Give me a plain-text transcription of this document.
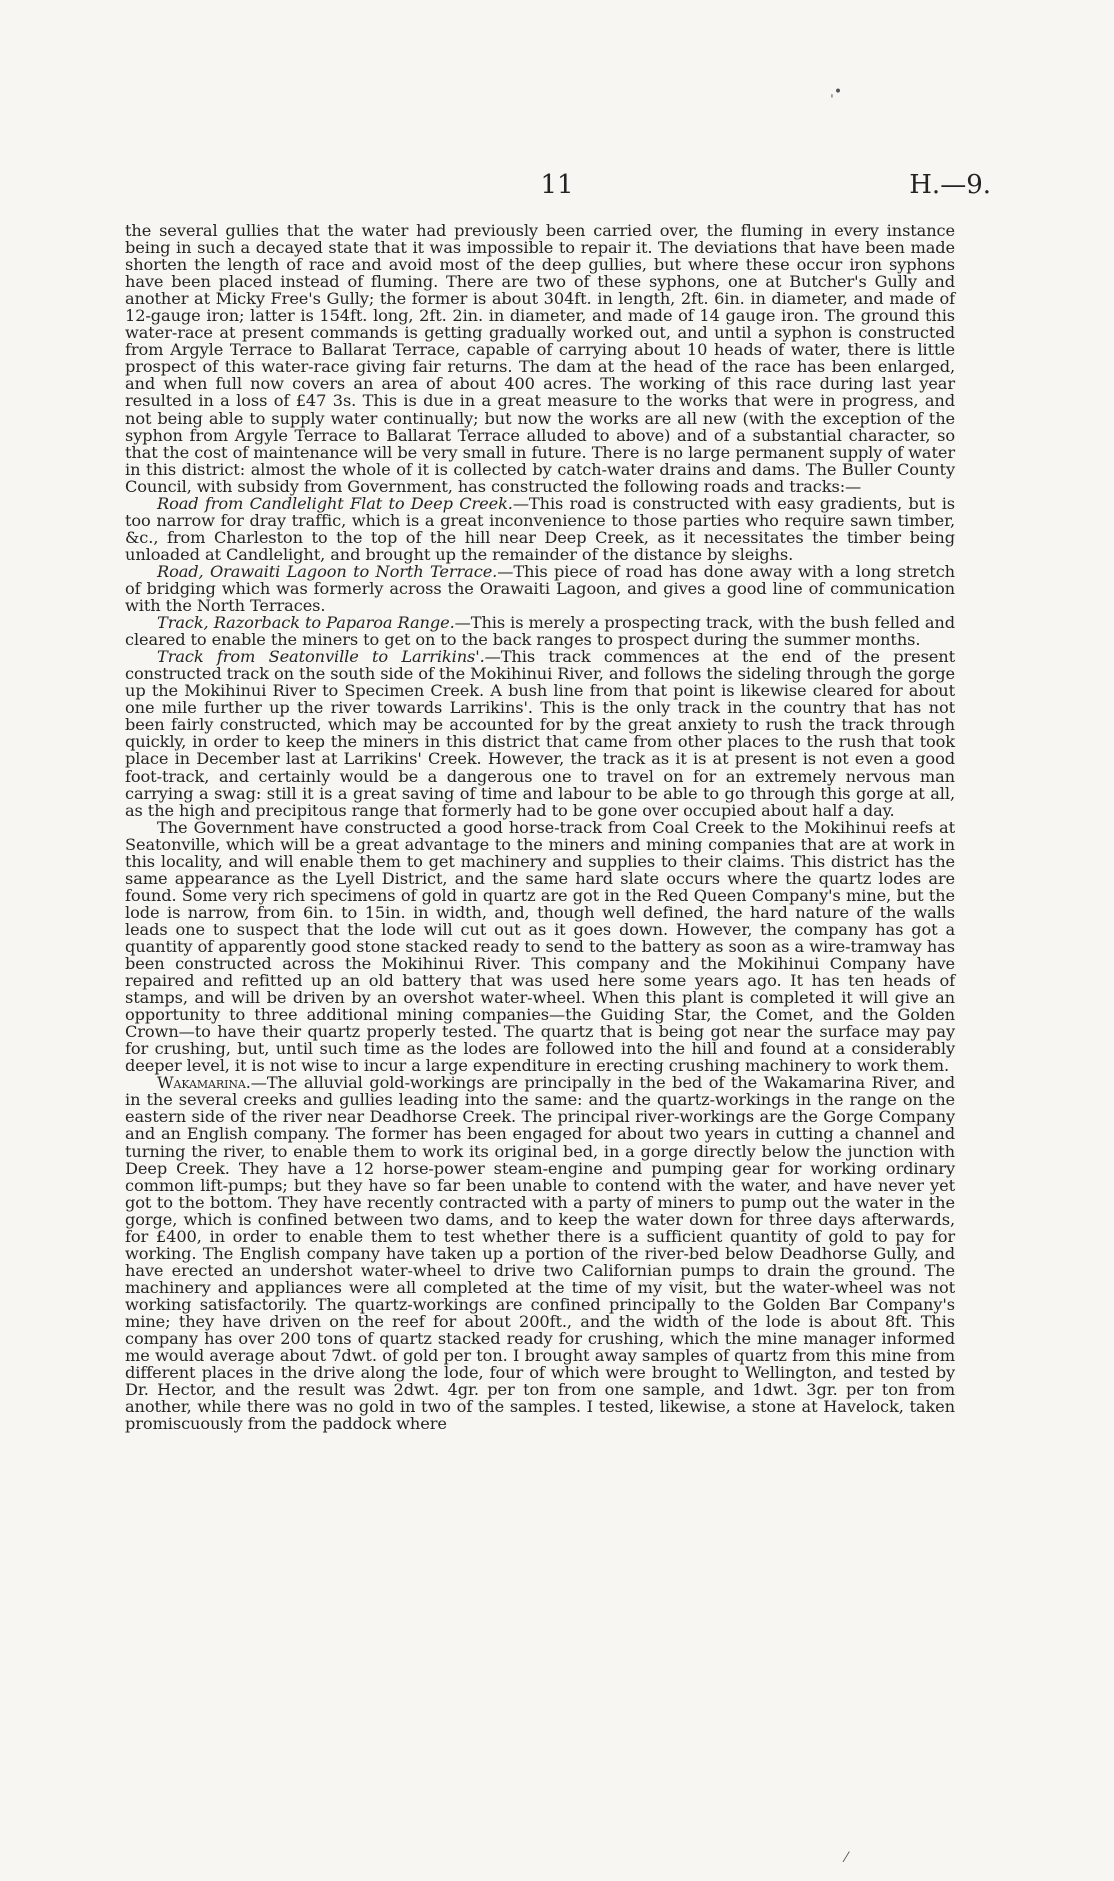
11	H.—9.
ˌ•
⁄

the several gullies that the water had previously been carried over, the fluming in every instance being in such a decayed state that it was impossible to repair it. The deviations that have been made shorten the length of race and avoid most of the deep gullies, but where these occur iron syphons have been placed instead of fluming. There are two of these syphons, one at Butcher's Gully and another at Micky Free's Gully; the former is about 304ft. in length, 2ft. 6in. in diameter, and made of 12-gauge iron; latter is 154ft. long, 2ft. 2in. in diameter, and made of 14 gauge iron. The ground this water-race at present commands is getting gradually worked out, and until a syphon is constructed from Argyle Terrace to Ballarat Terrace, capable of carrying about 10 heads of water, there is little prospect of this water-race giving fair returns. The dam at the head of the race has been enlarged, and when full now covers an area of about 400 acres. The working of this race during last year resulted in a loss of £47 3s. This is due in a great measure to the works that were in progress, and not being able to supply water continually; but now the works are all new (with the exception of the syphon from Argyle Terrace to Ballarat Terrace alluded to above) and of a substantial character, so that the cost of maintenance will be very small in future. There is no large permanent supply of water in this district: almost the whole of it is collected by catch-water drains and dams. The Buller County Council, with subsidy from Government, has constructed the following roads and tracks:—

Road from Candlelight Flat to Deep Creek.—This road is constructed with easy gradients, but is too narrow for dray traffic, which is a great inconvenience to those parties who require sawn timber, &c., from Charleston to the top of the hill near Deep Creek, as it necessitates the timber being unloaded at Candlelight, and brought up the remainder of the distance by sleighs.

Road, Orawaiti Lagoon to North Terrace.—This piece of road has done away with a long stretch of bridging which was formerly across the Orawaiti Lagoon, and gives a good line of communication with the North Terraces.

Track, Razorback to Paparoa Range.—This is merely a prospecting track, with the bush felled and cleared to enable the miners to get on to the back ranges to prospect during the summer months.

Track from Seatonville to Larrikins'.—This track commences at the end of the present constructed track on the south side of the Mokihinui River, and follows the sideling through the gorge up the Mokihinui River to Specimen Creek. A bush line from that point is likewise cleared for about one mile further up the river towards Larrikins'. This is the only track in the country that has not been fairly constructed, which may be accounted for by the great anxiety to rush the track through quickly, in order to keep the miners in this district that came from other places to the rush that took place in December last at Larrikins' Creek. However, the track as it is at present is not even a good foot-track, and certainly would be a dangerous one to travel on for an extremely nervous man carrying a swag: still it is a great saving of time and labour to be able to go through this gorge at all, as the high and precipitous range that formerly had to be gone over occupied about half a day.

The Government have constructed a good horse-track from Coal Creek to the Mokihinui reefs at Seatonville, which will be a great advantage to the miners and mining companies that are at work in this locality, and will enable them to get machinery and supplies to their claims. This district has the same appearance as the Lyell District, and the same hard slate occurs where the quartz lodes are found. Some very rich specimens of gold in quartz are got in the Red Queen Company's mine, but the lode is narrow, from 6in. to 15in. in width, and, though well defined, the hard nature of the walls leads one to suspect that the lode will cut out as it goes down. However, the company has got a quantity of apparently good stone stacked ready to send to the battery as soon as a wire-tramway has been constructed across the Mokihinui River. This company and the Mokihinui Company have repaired and refitted up an old battery that was used here some years ago. It has ten heads of stamps, and will be driven by an overshot water-wheel. When this plant is completed it will give an opportunity to three additional mining companies—the Guiding Star, the Comet, and the Golden Crown—to have their quartz properly tested. The quartz that is being got near the surface may pay for crushing, but, until such time as the lodes are followed into the hill and found at a considerably deeper level, it is not wise to incur a large expenditure in erecting crushing machinery to work them.

Wakamarina.—The alluvial gold-workings are principally in the bed of the Wakamarina River, and in the several creeks and gullies leading into the same: and the quartz-workings in the range on the eastern side of the river near Deadhorse Creek. The principal river-workings are the Gorge Company and an English company. The former has been engaged for about two years in cutting a channel and turning the river, to enable them to work its original bed, in a gorge directly below the junction with Deep Creek. They have a 12 horse-power steam-engine and pumping gear for working ordinary common lift-pumps; but they have so far been unable to contend with the water, and have never yet got to the bottom. They have recently contracted with a party of miners to pump out the water in the gorge, which is confined between two dams, and to keep the water down for three days afterwards, for £400, in order to enable them to test whether there is a sufficient quantity of gold to pay for working. The English company have taken up a portion of the river-bed below Deadhorse Gully, and have erected an undershot water-wheel to drive two Californian pumps to drain the ground. The machinery and appliances were all completed at the time of my visit, but the water-wheel was not working satisfactorily. The quartz-workings are confined principally to the Golden Bar Company's mine; they have driven on the reef for about 200ft., and the width of the lode is about 8ft. This company has over 200 tons of quartz stacked ready for crushing, which the mine manager informed me would average about 7dwt. of gold per ton. I brought away samples of quartz from this mine from different places in the drive along the lode, four of which were brought to Wellington, and tested by Dr. Hector, and the result was 2dwt. 4gr. per ton from one sample, and 1dwt. 3gr. per ton from another, while there was no gold in two of the samples. I tested, likewise, a stone at Havelock, taken promiscuously from the paddock where
